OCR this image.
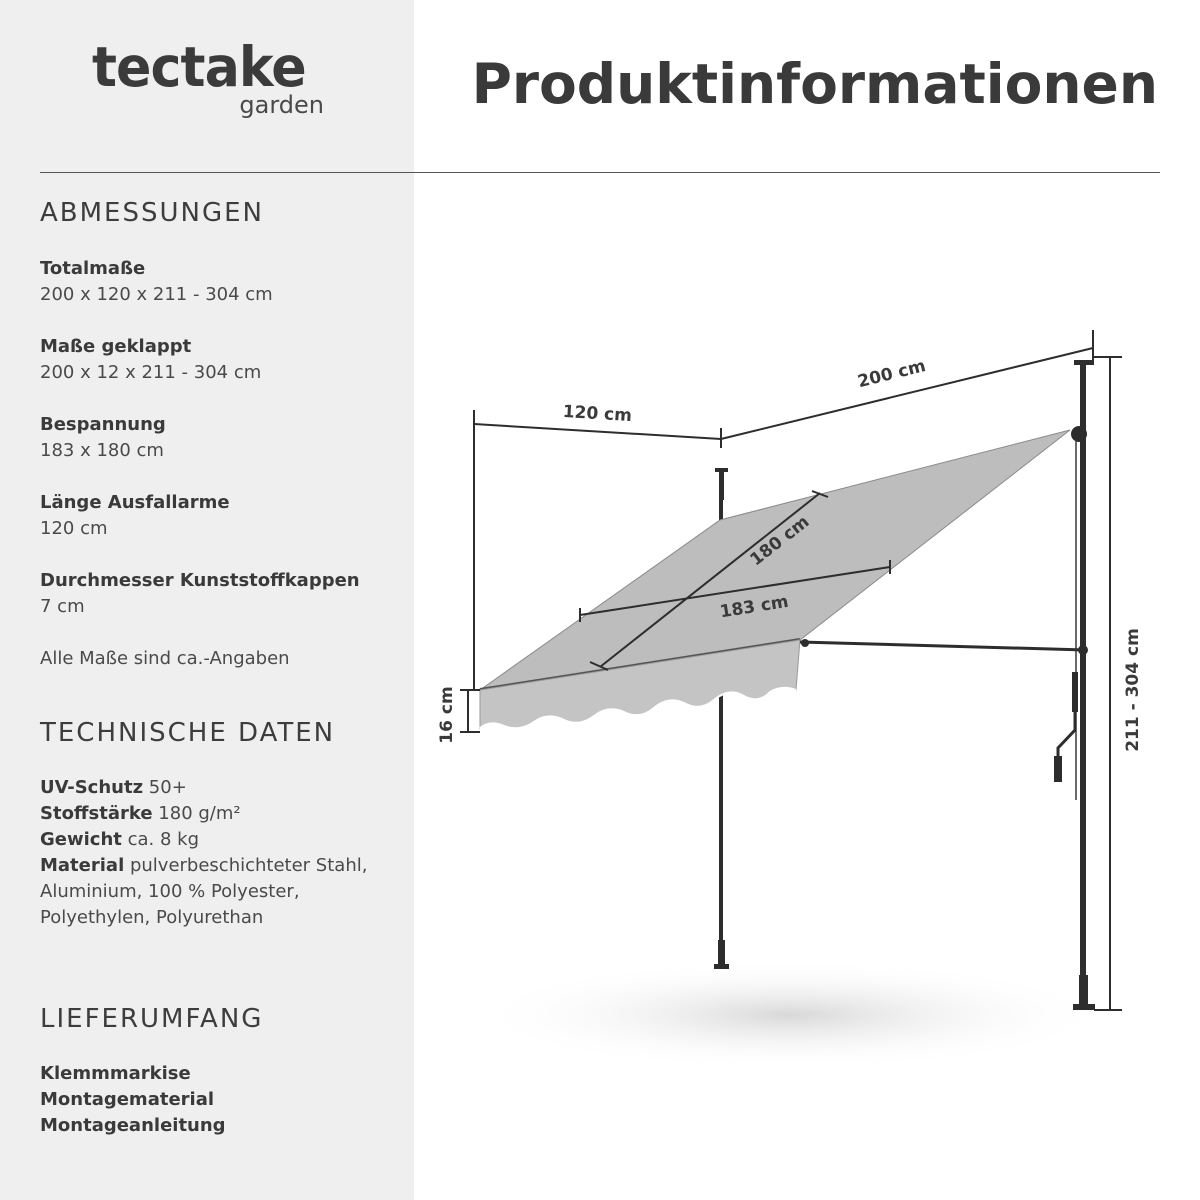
tectake
garden	Produktinformationen
ABMESSUNGEN
Totalmaße
200 x 120 x 211 - 304 cm
Maße geklappt
200 x 12 x 211 - 304 cm
Bespannung
183 x 180 cm
Länge Ausfallarme
120 cm
Durchmesser Kunststoffkappen
7 cm
Alle Maße sind ca.-Angaben
TECHNISCHE DATEN
UV-Schutz 50+
Stoffstärke 180 g/m²
Gewicht ca. 8 kg
Material pulverbeschichteter Stahl, Aluminium, 100 % Polyester, Polyethylen, Polyurethan
LIEFERUMFANG
Klemmmarkise
Montagematerial
Montageanleitung
200 cm
120 cm
180 cm
183 cm
16 cm	211 - 304 cm
